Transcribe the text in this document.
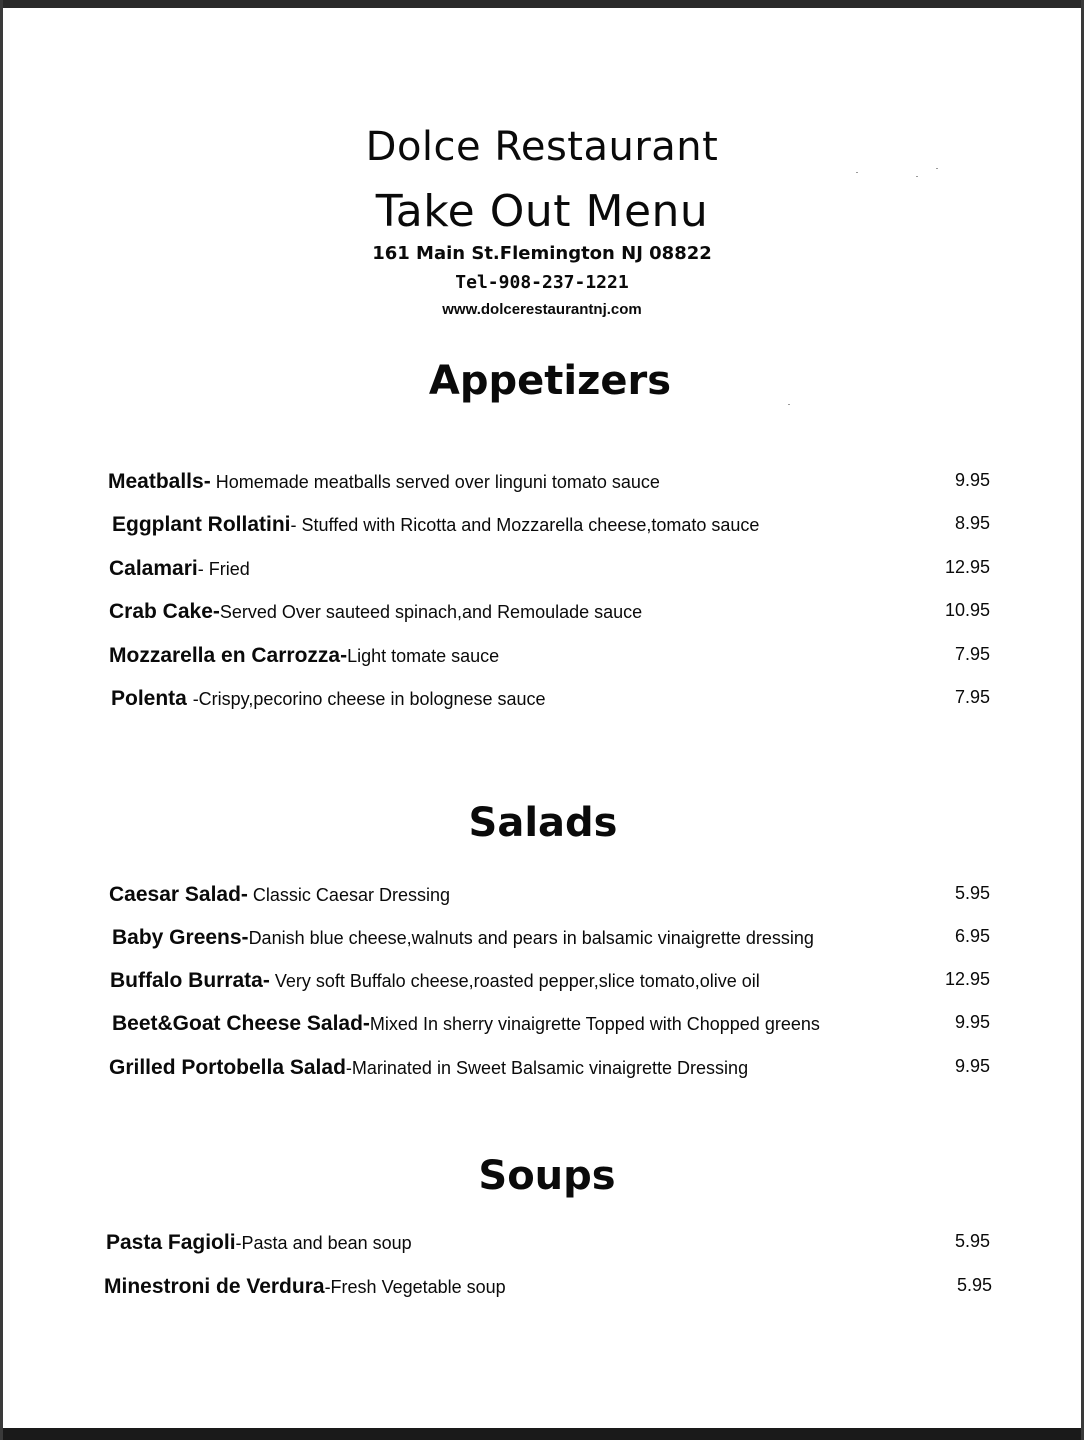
Dolce Restaurant
Take Out Menu
161 Main St.Flemington NJ 08822
Tel-908-237-1221
www.dolcerestaurantnj.com
Appetizers
Meatballs- Homemade meatballs served over linguni tomato sauce	9.95
Eggplant Rollatini- Stuffed with Ricotta and Mozzarella cheese,tomato sauce	8.95
Calamari- Fried	12.95
Crab Cake-Served Over sauteed spinach,and Remoulade sauce	10.95
Mozzarella en Carrozza-Light tomate sauce	7.95
Polenta -Crispy,pecorino cheese in bolognese sauce	7.95
Salads
Caesar Salad- Classic Caesar Dressing	5.95
Baby Greens-Danish blue cheese,walnuts and pears in balsamic vinaigrette dressing	6.95
Buffalo Burrata- Very soft Buffalo cheese,roasted pepper,slice tomato,olive oil	12.95
Beet&Goat Cheese Salad-Mixed In sherry vinaigrette Topped with Chopped greens	9.95
Grilled Portobella Salad-Marinated in Sweet Balsamic vinaigrette Dressing	9.95
Soups
Pasta Fagioli-Pasta and bean soup	5.95
Minestroni de Verdura-Fresh Vegetable soup	5.95
